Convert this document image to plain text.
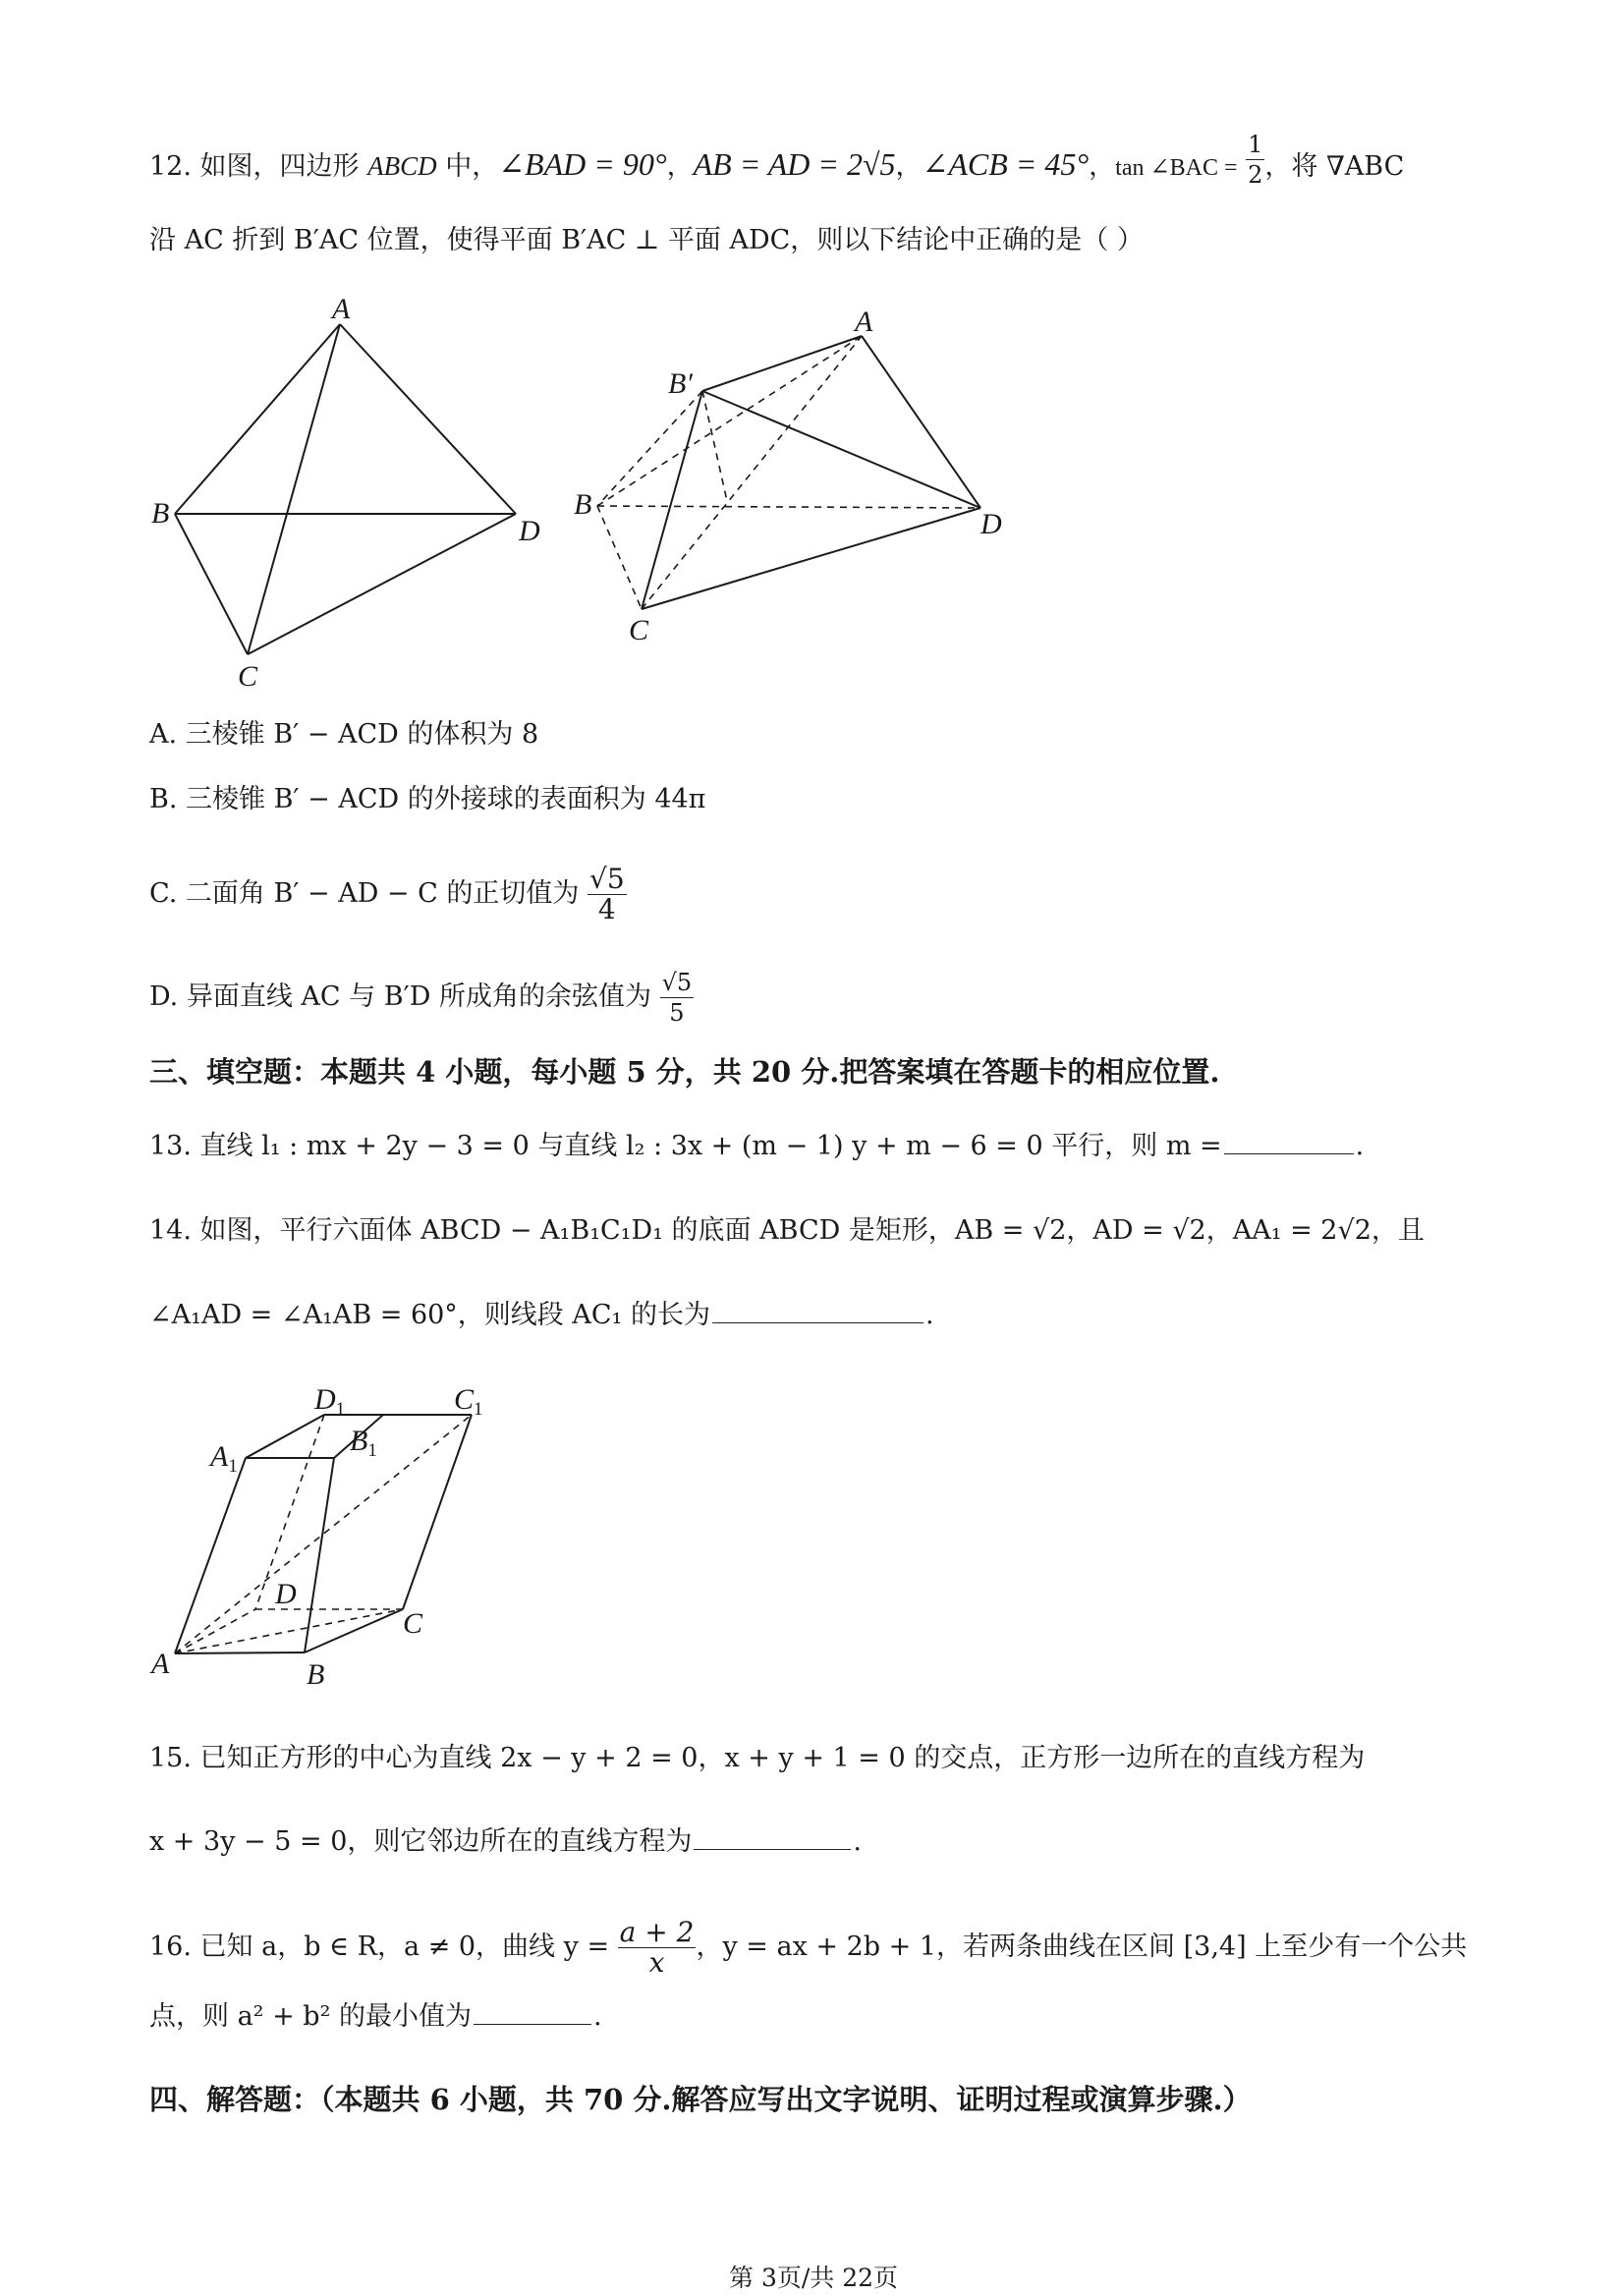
12. 如图，四边形 ABCD 中，∠BAD = 90°，AB = AD = 2√5，∠ACB = 45°，tan ∠BAC = $\frac{1}{2}$ ，将 ∇ABC
沿 AC 折到 B′AC 位置，使得平面 B′AC ⊥ 平面 ADC，则以下结论中正确的是（ ）
A
B
D
C
A
B′
B
D
C
A. 三棱锥 B′ − ACD 的体积为 8
B. 三棱锥 B′ − ACD 的外接球的表面积为 44π
C. 二面角 B′ − AD − C 的正切值为 $\frac{√5}{4}$
D. 异面直线 AC 与 B′D 所成角的余弦值为 $\frac{√5}{5}$
三、填空题：本题共 4 小题，每小题 5 分，共 20 分.把答案填在答题卡的相应位置.
13. 直线 l₁ : mx + 2y − 3 = 0 与直线 l₂ : 3x + (m − 1) y + m − 6 = 0 平行，则 m =	.
14. 如图，平行六面体 ABCD − A₁B₁C₁D₁ 的底面 ABCD 是矩形，AB = √2，AD = √2，AA₁ = 2√2，且
∠A₁AD = ∠A₁AB = 60°，则线段 AC₁ 的长为	.
$D_1$	$C_1$
$A_1$
$B_1$
D
C
A	B
15. 已知正方形的中心为直线 2x − y + 2 = 0，x + y + 1 = 0 的交点，正方形一边所在的直线方程为
x + 3y − 5 = 0，则它邻边所在的直线方程为	.
16. 已知 a，b ∈ R，a ≠ 0，曲线 $y = \frac{a + 2}{x}$ ，y = ax + 2b + 1，若两条曲线在区间 [3,4] 上至少有一个公共
点，则 a² + b² 的最小值为	.
四、解答题：（本题共 6 小题，共 70 分.解答应写出文字说明、证明过程或演算步骤.）
第 3页/共 22页
